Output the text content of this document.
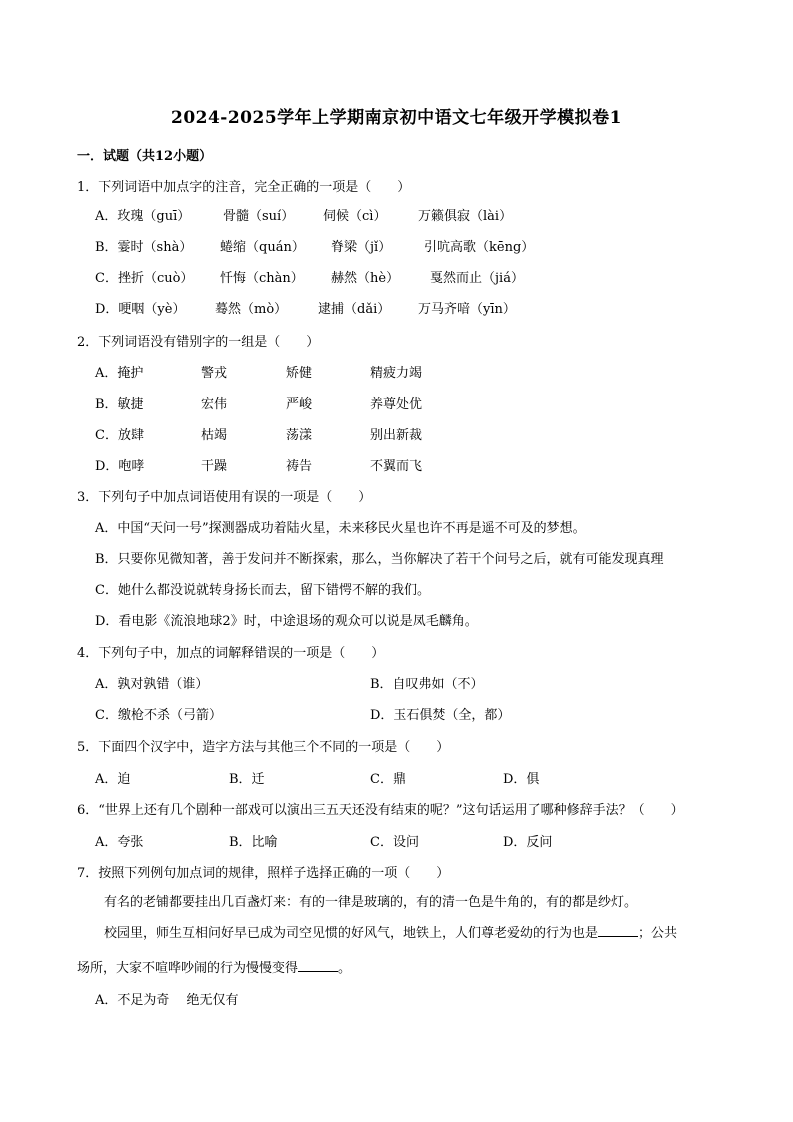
2024-2025学年上学期南京初中语文七年级开学模拟卷1
一．试题（共12小题）
1．下列词语中加点字的注音，完全正确的一项是（　　）
A．玫瑰（guī）	骨髓（suí） 伺候（cì） 万籁俱寂（lài）
B．霎时（shà） 蜷缩（quán） 脊梁（jǐ）	引吭高歌（kēng）
C．挫折（cuò） 忏悔（chàn） 赫然（hè） 戛然而止（jiá）
D．哽咽（yè） 蓦然（mò） 逮捕（dǎi） 万马齐喑（yīn）
2．下列词语没有错别字的一组是（　　）
A．掩护	警戎	矫健	精疲力竭
B．敏捷	宏伟	严峻	养尊处优
C．放肆	枯竭	荡漾	别出新裁
D．咆哮	干躁	祷告	不翼而飞
3．下列句子中加点词语使用有误的一项是（　　）
A．中国“天问一号”探测器成功着陆火星，未来移民火星也许不再是遥不可及的梦想。
B．只要你见微知著，善于发问并不断探索，那么，当你解决了若干个问号之后，就有可能发现真理
C．她什么都没说就转身扬长而去，留下错愕不解的我们。
D．看电影《流浪地球2》时，中途退场的观众可以说是凤毛麟角。
4．下列句子中，加点的词解释错误的一项是（　　）
A．孰对孰错（谁）	B．自叹弗如（不）
C．缴枪不杀（弓箭）	D．玉石俱焚（全，都）
5．下面四个汉字中，造字方法与其他三个不同的一项是（　　）
A．迫	B．迁	C．鼎	D．俱
6．“世界上还有几个剧种一部戏可以演出三五天还没有结束的呢？”这句话运用了哪种修辞手法？（　　）
A．夸张	B．比喻	C．设问	D．反问
7．按照下列例句加点词的规律，照样子选择正确的一项（　　）
有名的老铺都要挂出几百盏灯来：有的一律是玻璃的，有的清一色是牛角的，有的都是纱灯。
校园里，师生互相问好早已成为司空见惯的好风气，地铁上，人们尊老爱幼的行为也是	；公共
场所，大家不喧哗吵闹的行为慢慢变得	。
A．不足为奇　 绝无仅有
